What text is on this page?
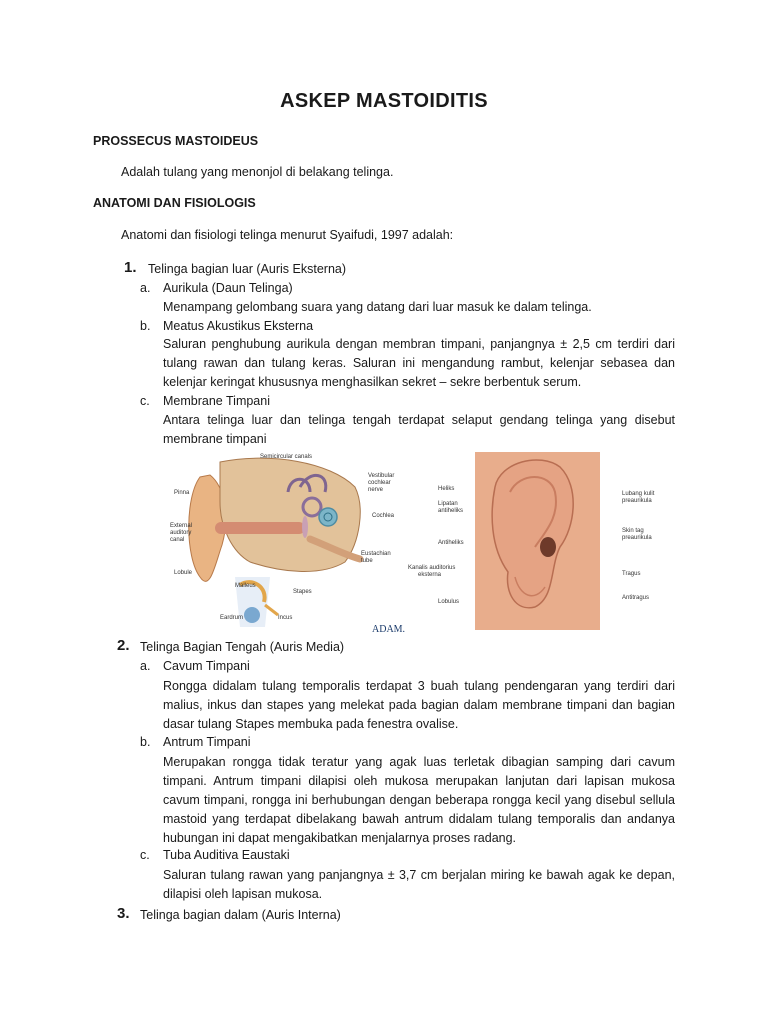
ASKEP MASTOIDITIS
PROSSECUS MASTOIDEUS
Adalah tulang yang menonjol di belakang telinga.
ANATOMI DAN FISIOLOGIS
Anatomi dan fisiologi telinga menurut Syaifudi, 1997 adalah:
1. Telinga bagian luar (Auris Eksterna)
a. Aurikula (Daun Telinga)
Menampang gelombang suara yang datang dari luar masuk ke dalam telinga.
b. Meatus Akustikus Eksterna
Saluran penghubung aurikula dengan membran timpani, panjangnya ± 2,5 cm terdiri dari tulang rawan dan tulang keras. Saluran ini mengandung rambut, kelenjar sebasea dan kelenjar keringat khususnya menghasilkan sekret – sekre berbentuk serum.
c. Membrane Timpani
Antara telinga luar dan telinga tengah terdapat selaput gendang telinga yang disebut membrane timpani
Semicircular canals
Vestibular
cochlear
nerve
Pinna
Cochlea
External
auditory
canal
Eustachian
tube
Lobule
Malleus
Stapes
Eardrum	Incus
ADAM.
Heliks
Lipatan
antiheliks
Antiheliks
Kanalis auditorius
eksterna
Lobulus
Lubang kulit
preaurikula
Skin tag
preaurikula
Tragus
Antitragus
2. Telinga Bagian Tengah (Auris Media)
a. Cavum Timpani
Rongga didalam tulang temporalis terdapat 3 buah tulang pendengaran yang terdiri dari malius, inkus dan stapes yang melekat pada bagian dalam membrane timpani dan bagian dasar tulang Stapes membuka pada fenestra ovalise.
b. Antrum Timpani
Merupakan rongga tidak teratur yang agak luas terletak dibagian samping dari cavum timpani. Antrum timpani dilapisi oleh mukosa merupakan lanjutan dari lapisan mukosa cavum timpani, rongga ini berhubungan dengan beberapa rongga kecil yang disebul sellula mastoid yang terdapat dibelakang bawah antrum didalam tulang temporalis dan andanya hubungan ini dapat mengakibatkan menjalarnya proses radang.
c. Tuba Auditiva Eaustaki
Saluran tulang rawan yang panjangnya ± 3,7 cm berjalan miring ke bawah agak ke depan, dilapisi oleh lapisan mukosa.
3. Telinga bagian dalam (Auris Interna)
